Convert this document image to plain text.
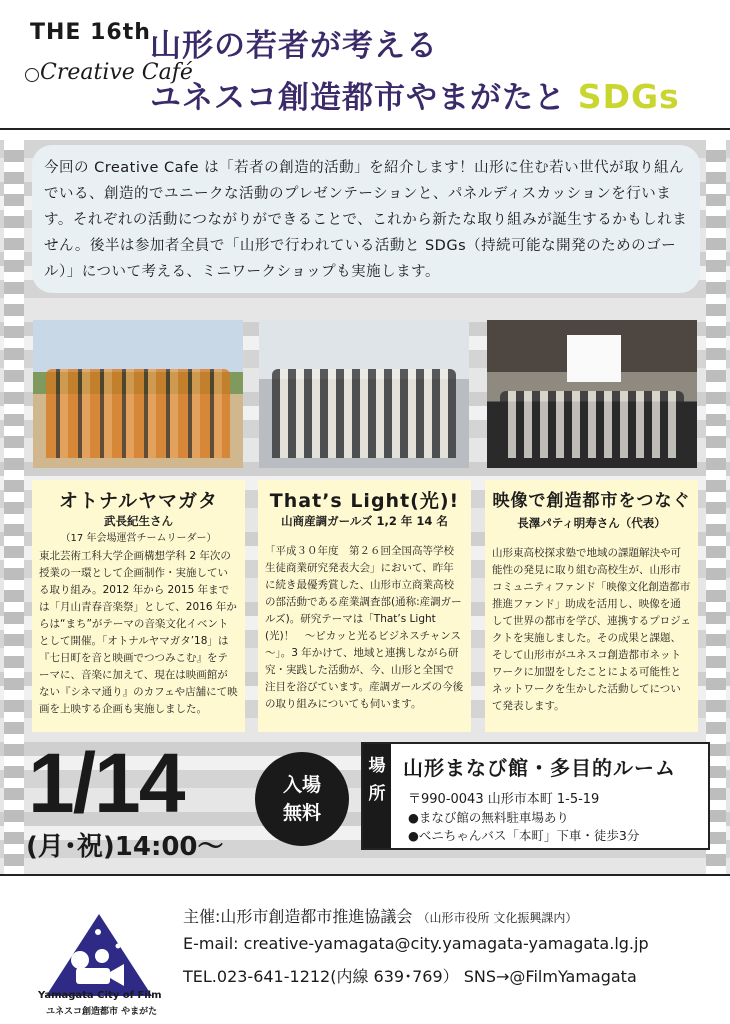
THE 16th
Creative Café
山形の若者が考える
ユネスコ創造都市やまがたと SDGs
今回の Creative Cafe は「若者の創造的活動」を紹介します！山形に住む若い世代が取り組んでいる、創造的でユニークな活動のプレゼンテーションと、パネルディスカッションを行います。それぞれの活動につながりができることで、これから新たな取り組みが誕生するかもしれません。後半は参加者全員で「山形で行われている活動と SDGs（持続可能な開発のためのゴール）」について考える、ミニワークショップも実施します。
オトナルヤマガタ
武長紀生さん
（17 年会場運営チームリーダー）
東北芸術工科大学企画構想学科 2 年次の授業の一環として企画制作・実施している取り組み。2012 年から 2015 年までは「月山青春音楽祭」として、2016 年からは“まち”がテーマの音楽文化イベントとして開催。「オトナルヤマガタ’18」は『七日町を音と映画でつつみこむ』をテーマに、音楽に加えて、現在は映画館がない『シネマ通り』のカフェや店舗にて映画を上映する企画も実施しました。
That’s Light(光)!
山商産調ガールズ 1,2 年 14 名
「平成３０年度　第２６回全国高等学校生徒商業研究発表大会」において、昨年に続き最優秀賞した、山形市立商業高校の部活動である産業調査部(通称:産調ガールズ)。研究テーマは「That’s Light(光)！　～ピカッと光るビジネスチャンス～」。3 年かけて、地域と連携しながら研究・実践した活動が、今、山形と全国で注目を浴びています。産調ガールズの今後の取り組みについても伺います。
映像で創造都市をつなぐ
長澤パティ明寿さん（代表）
山形東高校探求塾で地域の課題解決や可能性の発見に取り組む高校生が、山形市コミュニティファンド「映像文化創造都市推進ファンド」助成を活用し、映像を通して世界の都市を学び、連携するプロジェクトを実施しました。その成果と課題、そして山形市がユネスコ創造都市ネットワークに加盟をしたことによる可能性とネットワークを生かした活動してについて発表します。
1/14
(月･祝)14:00～
入場
無料
場所
山形まなび館・多目的ルーム
〒990-0043 山形市本町 1-5-19
●まなび館の無料駐車場あり
●べニちゃんバス「本町」下車・徒歩3分
Yamagata City of Film
ユネスコ創造都市 やまがた
主催:山形市創造都市推進協議会 （山形市役所 文化振興課内）
E-mail: creative-yamagata@city.yamagata-yamagata.lg.jp
TEL.023-641-1212(内線 639･769） SNS→@FilmYamagata
